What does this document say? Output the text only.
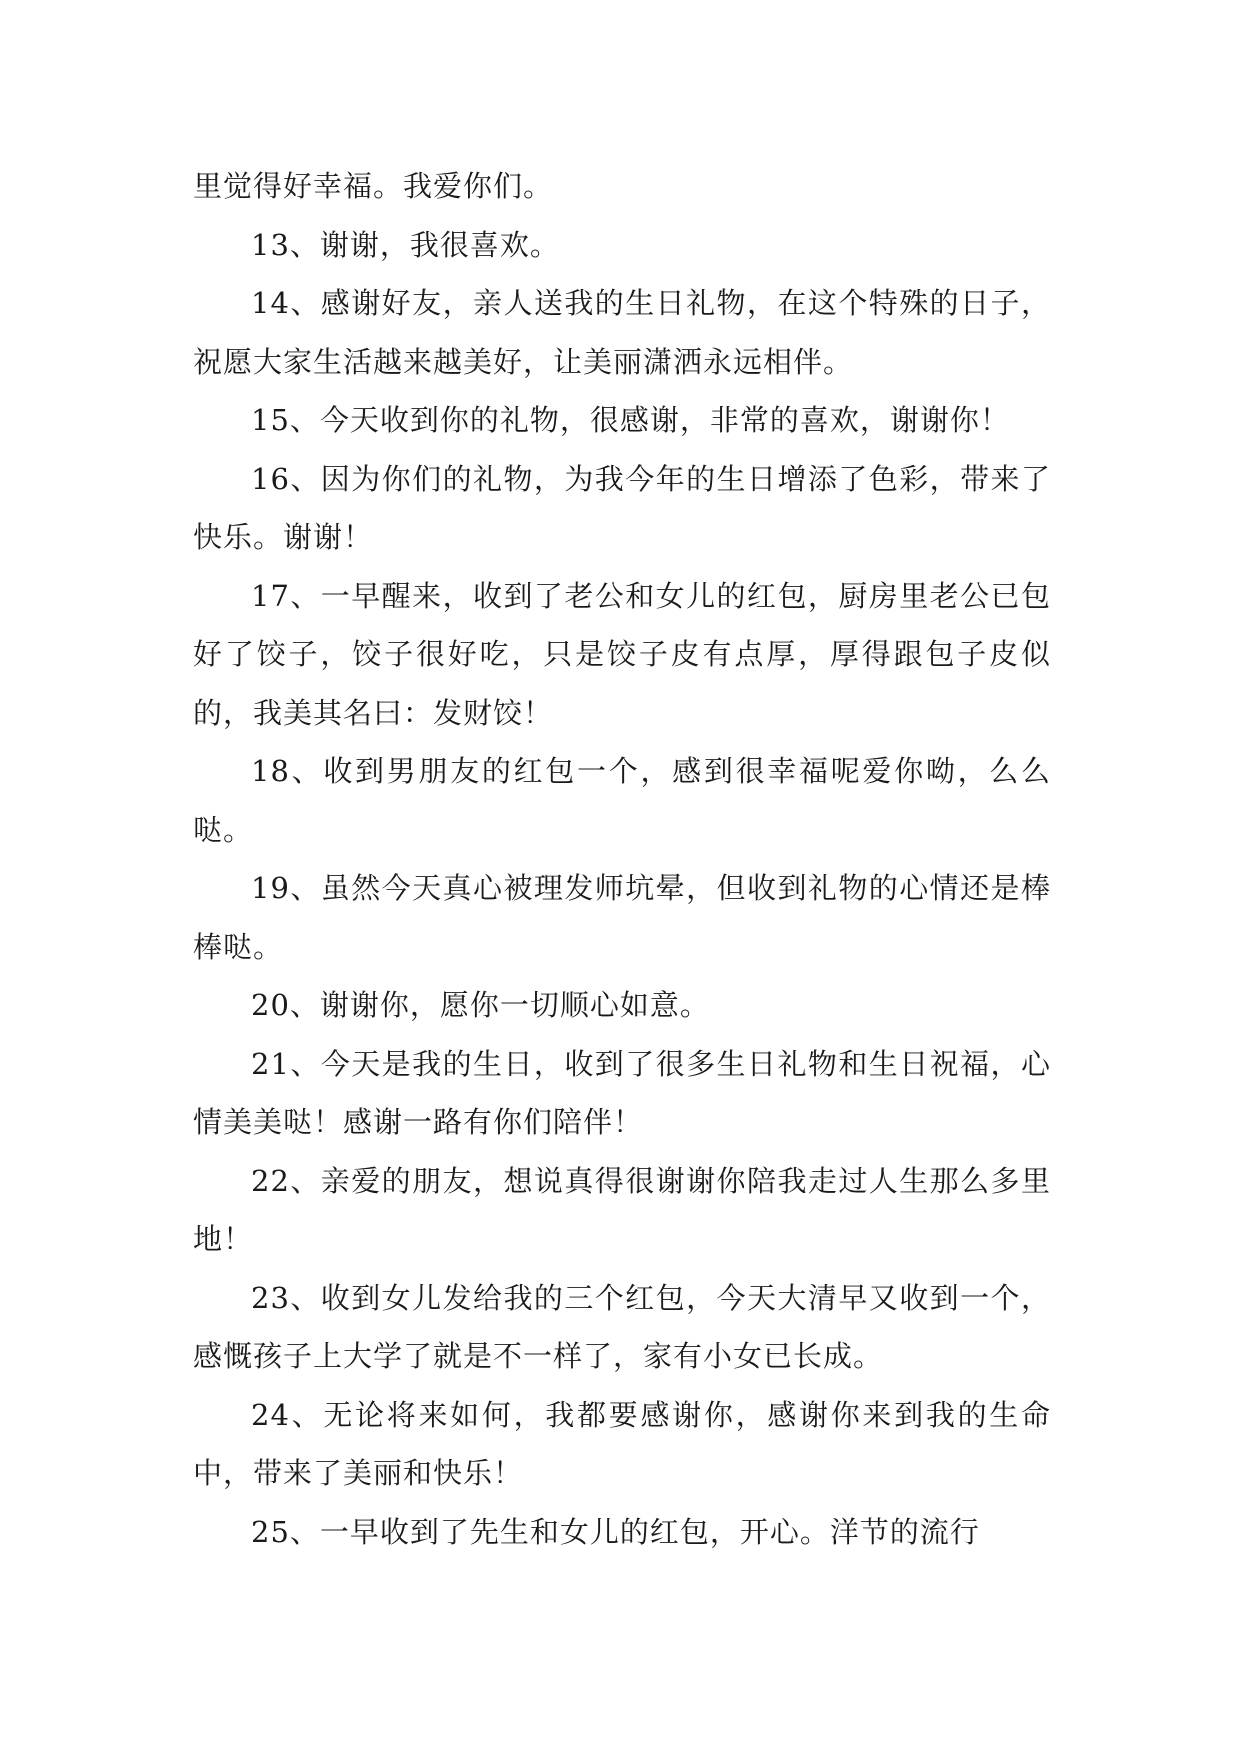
里觉得好幸福。我爱你们。

13、谢谢，我很喜欢。

14、感谢好友，亲人送我的生日礼物，在这个特殊的日子，祝愿大家生活越来越美好，让美丽潇洒永远相伴。

15、今天收到你的礼物，很感谢，非常的喜欢，谢谢你！

16、因为你们的礼物，为我今年的生日增添了色彩，带来了快乐。谢谢！

17、一早醒来，收到了老公和女儿的红包，厨房里老公已包好了饺子，饺子很好吃，只是饺子皮有点厚，厚得跟包子皮似的，我美其名曰：发财饺！

18、收到男朋友的红包一个，感到很幸福呢爱你呦，么么哒。

19、虽然今天真心被理发师坑晕，但收到礼物的心情还是棒棒哒。

20、谢谢你，愿你一切顺心如意。

21、今天是我的生日，收到了很多生日礼物和生日祝福，心情美美哒！感谢一路有你们陪伴！

22、亲爱的朋友，想说真得很谢谢你陪我走过人生那么多里地！

23、收到女儿发给我的三个红包，今天大清早又收到一个，感慨孩子上大学了就是不一样了，家有小女已长成。

24、无论将来如何，我都要感谢你，感谢你来到我的生命中，带来了美丽和快乐！

25、一早收到了先生和女儿的红包，开心。洋节的流行
